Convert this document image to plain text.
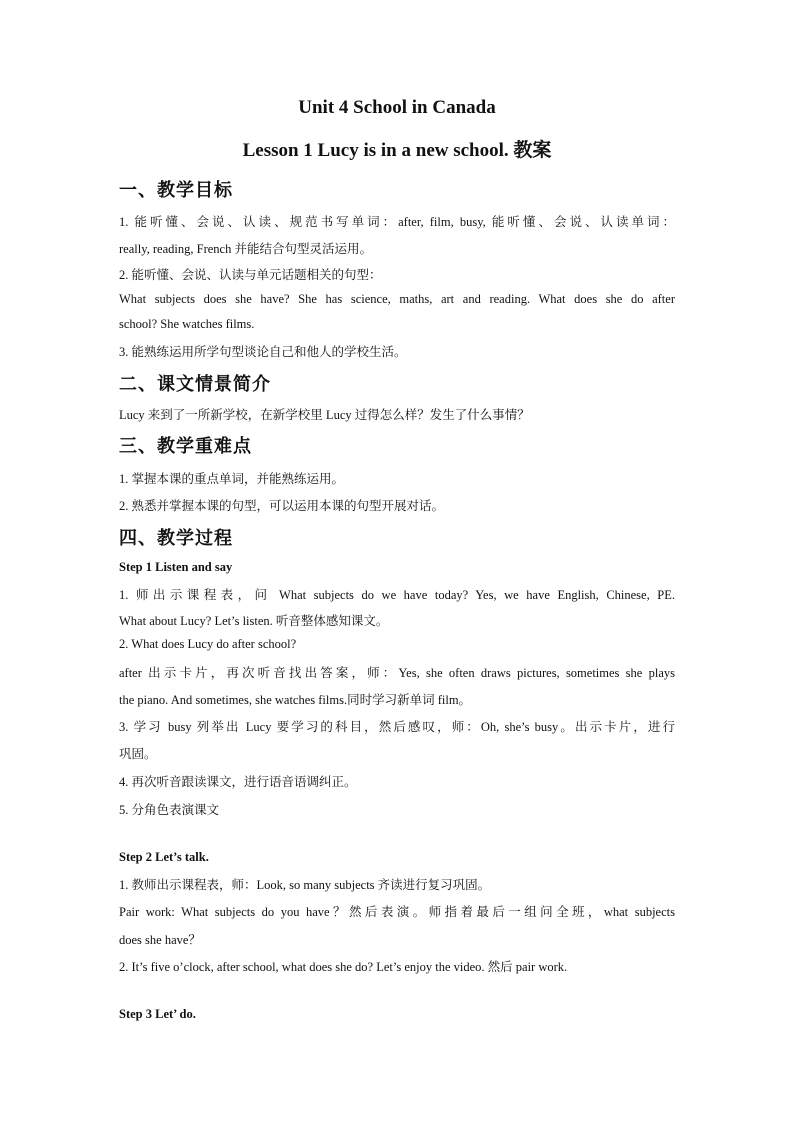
Unit 4 School in Canada
Lesson 1 Lucy is in a new school. 教案
一、教学目标
1. 能听懂、会说、认读、规范书写单词：after, film, busy, 能听懂、会说、认读单词：
really, reading, French 并能结合句型灵活运用。
2. 能听懂、会说、认读与单元话题相关的句型：
What subjects does she have? She has science, maths, art and reading. What does she do after
school? She watches films.
3. 能熟练运用所学句型谈论自己和他人的学校生活。
二、课文情景简介
Lucy 来到了一所新学校，在新学校里 Lucy 过得怎么样？发生了什么事情？
三、教学重难点
1. 掌握本课的重点单词，并能熟练运用。
2. 熟悉并掌握本课的句型，可以运用本课的句型开展对话。
四、教学过程
Step 1 Listen and say
1. 师出示课程表，问 What subjects do we have today? Yes, we have English, Chinese, PE.
What about Lucy? Let’s listen. 听音整体感知课文。
2. What does Lucy do after school?
after 出示卡片，再次听音找出答案，师：Yes, she often draws pictures, sometimes she plays
the piano. And sometimes, she watches films.同时学习新单词 film。
3. 学习 busy 列举出 Lucy 要学习的科目，然后感叹，师：Oh, she’s busy。出示卡片，进行
巩固。
4. 再次听音跟读课文，进行语音语调纠正。
5. 分角色表演课文
Step 2 Let’s talk.
1. 教师出示课程表，师：Look, so many subjects 齐读进行复习巩固。
Pair work: What subjects do you have？然后表演。师指着最后一组问全班，what subjects
does she have？
2. It’s five o’clock, after school, what does she do? Let’s enjoy the video. 然后 pair work.
Step 3 Let’ do.
